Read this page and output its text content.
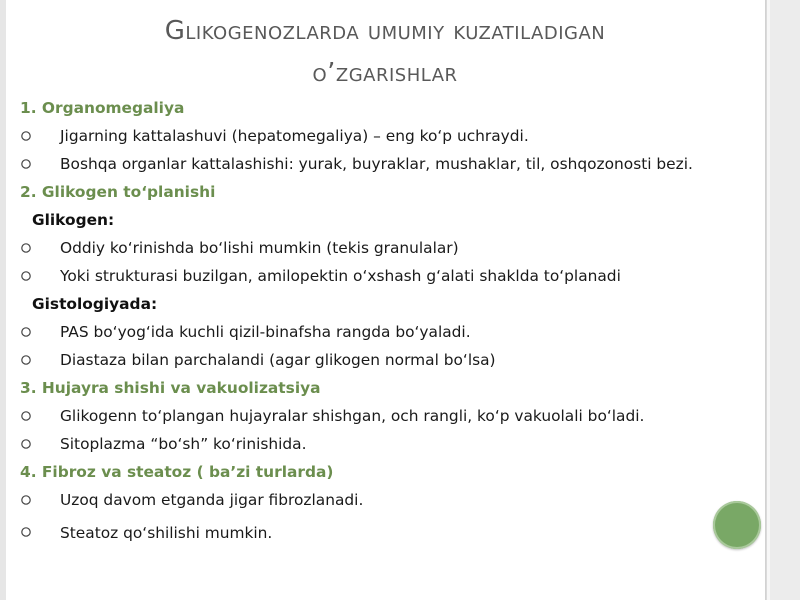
Glikogenozlarda umumiy kuzatiladigan
o’zgarishlar
1. Organomegaliya
Jigarning kattalashuvi (hepatomegaliya) – eng ko‘p uchraydi.
Boshqa organlar kattalashishi: yurak, buyraklar, mushaklar, til, oshqozonosti bezi.
2. Glikogen to‘planishi
Glikogen:
Oddiy ko‘rinishda bo‘lishi mumkin (tekis granulalar)
Yoki strukturasi buzilgan, amilopektin o‘xshash g‘alati shaklda to‘planadi
Gistologiyada:
PAS bo‘yog‘ida kuchli qizil-binafsha rangda bo‘yaladi.
Diastaza bilan parchalandi (agar glikogen normal bo‘lsa)
3. Hujayra shishi va vakuolizatsiya
Glikogenn to‘plangan hujayralar shishgan, och rangli, ko‘p vakuolali bo‘ladi.
Sitoplazma “bo‘sh” ko‘rinishida.
4. Fibroz va steatoz ( ba’zi turlarda)
Uzoq davom etganda jigar fibrozlanadi.
Steatoz qo‘shilishi mumkin.
